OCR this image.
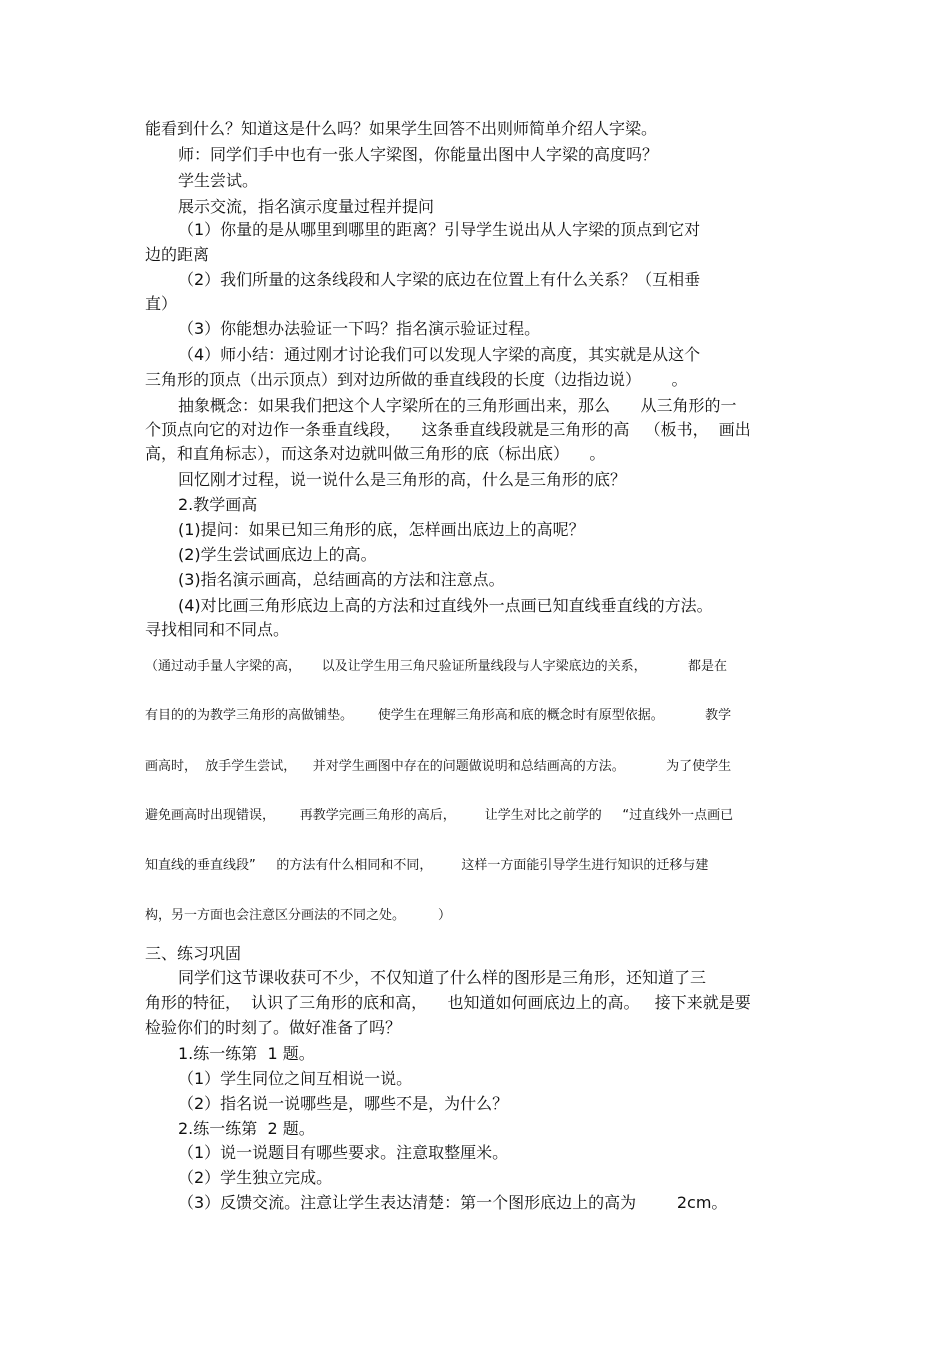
能看到什么？知道这是什么吗？如果学生回答不出则师简单介绍人字梁。
师：同学们手中也有一张人字梁图，你能量出图中人字梁的高度吗？
学生尝试。
展示交流，指名演示度量过程并提问
（1）你量的是从哪里到哪里的距离？引导学生说出从人字梁的顶点到它对
边的距离
（2）我们所量的这条线段和人字梁的底边在位置上有什么关系？（互相垂
直）
（3）你能想办法验证一下吗？指名演示验证过程。
（4）师小结：通过刚才讨论我们可以发现人字梁的高度，其实就是从这个
三角形的顶点（出示顶点）到对边所做的垂直线段的长度（边指边说）      。
抽象概念：如果我们把这个人字梁所在的三角形画出来，那么      从三角形的一
个顶点向它的对边作一条垂直线段，    这条垂直线段就是三角形的高   （板书，  画出
高，和直角标志），而这条对边就叫做三角形的底（标出底）    。
回忆刚才过程，说一说什么是三角形的高，什么是三角形的底？
2.教学画高
(1)提问：如果已知三角形的底，怎样画出底边上的高呢？
(2)学生尝试画底边上的高。
(3)指名演示画高，总结画高的方法和注意点。
(4)对比画三角形底边上高的方法和过直线外一点画已知直线垂直线的方法。
寻找相同和不同点。
（通过动手量人字梁的高，     以及让学生用三角尺验证所量线段与人字梁底边的关系，          都是在
有目的的为教学三角形的高做铺垫。      使学生在理解三角形高和底的概念时有原型依据。          教学
画高时，  放手学生尝试，    并对学生画图中存在的问题做说明和总结画高的方法。          为了使学生
避免画高时出现错误，      再教学完画三角形的高后，       让学生对比之前学的     “过直线外一点画已
知直线的垂直线段”     的方法有什么相同和不同，       这样一方面能引导学生进行知识的迁移与建
构，另一方面也会注意区分画法的不同之处。        ）
三、练习巩固
同学们这节课收获可不少，不仅知道了什么样的图形是三角形，还知道了三
角形的特征，  认识了三角形的底和高，    也知道如何画底边上的高。   接下来就是要
检验你们的时刻了。做好准备了吗？
1.练一练第  1 题。
（1）学生同位之间互相说一说。
（2）指名说一说哪些是，哪些不是，为什么？
2.练一练第  2 题。
（1）说一说题目有哪些要求。注意取整厘米。
（2）学生独立完成。
（3）反馈交流。注意让学生表达清楚：第一个图形底边上的高为        2cm。
